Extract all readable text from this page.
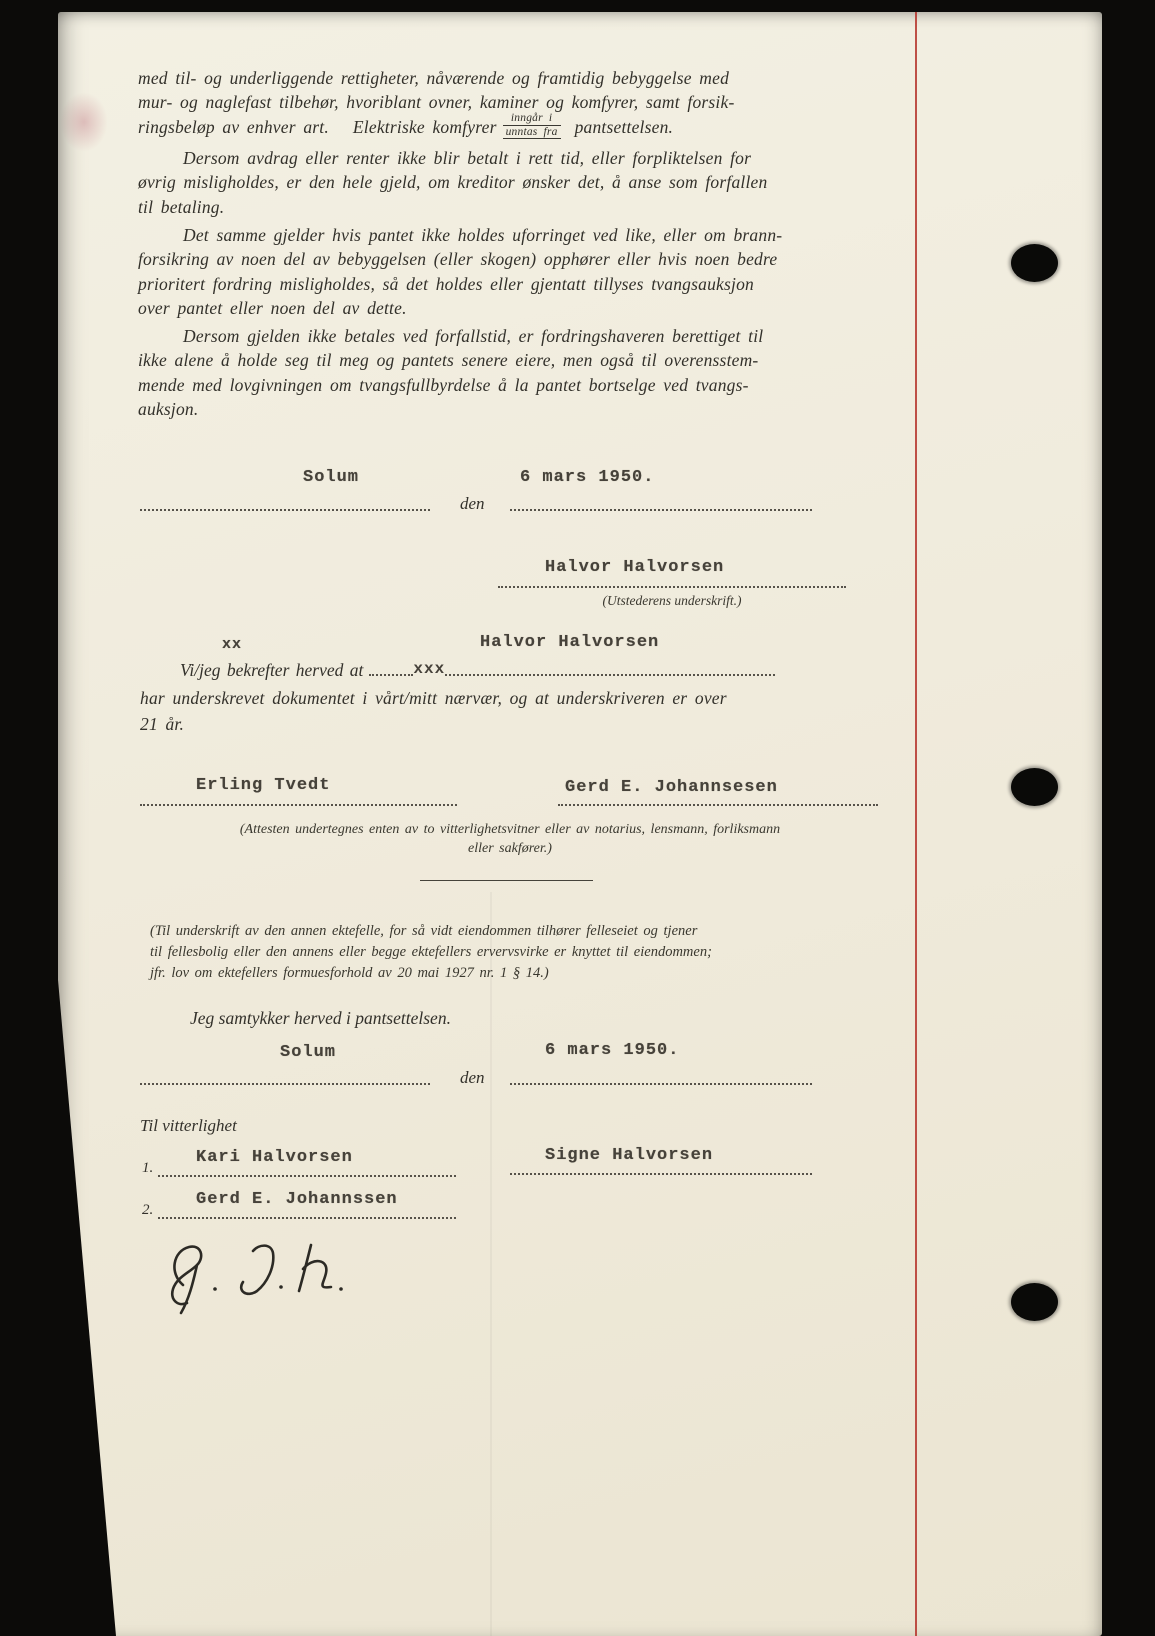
med til- og underliggende rettigheter, nåværende og framtidig bebyggelse med
mur- og naglefast tilbehør, hvoriblant ovner, kaminer og komfyrer, samt forsik-
ringsbeløp av enhver art. Elektriske komfyrer	inngår i
unntas fra pantsettelsen.
Dersom avdrag eller renter ikke blir betalt i rett tid, eller forpliktelsen for
øvrig misligholdes, er den hele gjeld, om kreditor ønsker det, å anse som forfallen
til betaling.
Det samme gjelder hvis pantet ikke holdes uforringet ved like, eller om brann-
forsikring av noen del av bebyggelsen (eller skogen) opphører eller hvis noen bedre
prioritert fordring misligholdes, så det holdes eller gjentatt tillyses tvangsauksjon
over pantet eller noen del av dette.
Dersom gjelden ikke betales ved forfallstid, er fordringshaveren berettiget til
ikke alene å holde seg til meg og pantets senere eiere, men også til overensstem-
mende med lovgivningen om tvangsfullbyrdelse å la pantet bortselge ved tvangs-
auksjon.
Solum	6 mars 1950.
den
Halvor Halvorsen
(Utstederens underskrift.)
xx	Halvor Halvorsen
Vi/jeg bekrefter herved at	xxx
har underskrevet dokumentet i vårt/mitt nærvær, og at underskriveren er over
21 år.
Erling Tvedt	Gerd E. Johannsesen
(Attesten undertegnes enten av to vitterlighetsvitner eller av notarius, lensmann, forliksmann
eller sakfører.)
(Til underskrift av den annen ektefelle, for så vidt eiendommen tilhører felleseiet og tjener
til fellesbolig eller den annens eller begge ektefellers ervervsvirke er knyttet til eiendommen;
jfr. lov om ektefellers formuesforhold av 20 mai 1927 nr. 1 § 14.)
Jeg samtykker herved i pantsettelsen.
Solum	6 mars 1950.
den
Til vitterlighet
1.
Kari Halvorsen	Signe Halvorsen
2.
Gerd E. Johannssen
